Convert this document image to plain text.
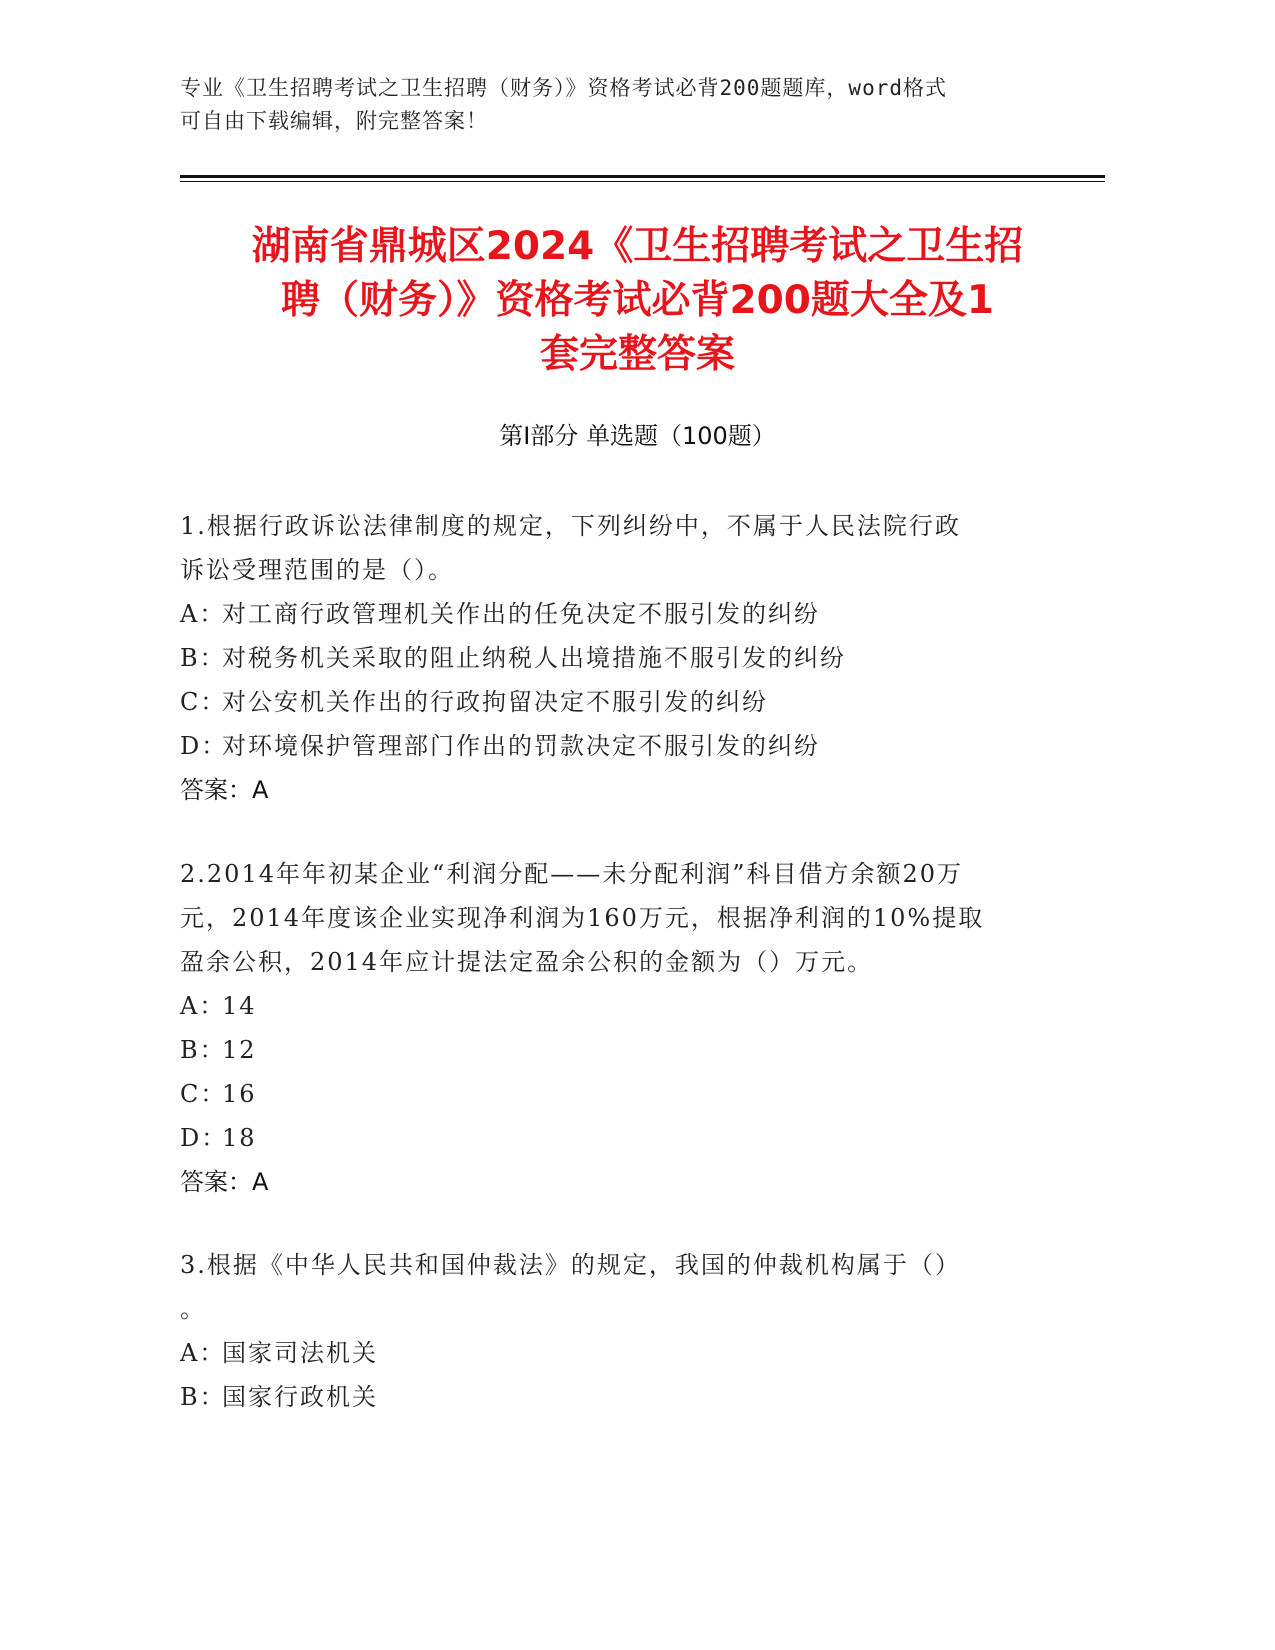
专业《卫生招聘考试之卫生招聘（财务）》资格考试必背200题题库，word格式
可自由下载编辑，附完整答案！
湖南省鼎城区2024《卫生招聘考试之卫生招
聘（财务）》资格考试必背200题大全及1
套完整答案
第Ⅰ部分 单选题（100题）
1.根据行政诉讼法律制度的规定，下列纠纷中，不属于人民法院行政
诉讼受理范围的是（）。
A：对工商行政管理机关作出的任免决定不服引发的纠纷
B：对税务机关采取的阻止纳税人出境措施不服引发的纠纷
C：对公安机关作出的行政拘留决定不服引发的纠纷
D：对环境保护管理部门作出的罚款决定不服引发的纠纷
答案：A
2.2014年年初某企业“利润分配——未分配利润”科目借方余额20万
元，2014年度该企业实现净利润为160万元，根据净利润的10%提取
盈余公积，2014年应计提法定盈余公积的金额为（）万元。
A：14
B：12
C：16
D：18
答案：A
3.根据《中华人民共和国仲裁法》的规定，我国的仲裁机构属于（）
。
A：国家司法机关
B：国家行政机关
